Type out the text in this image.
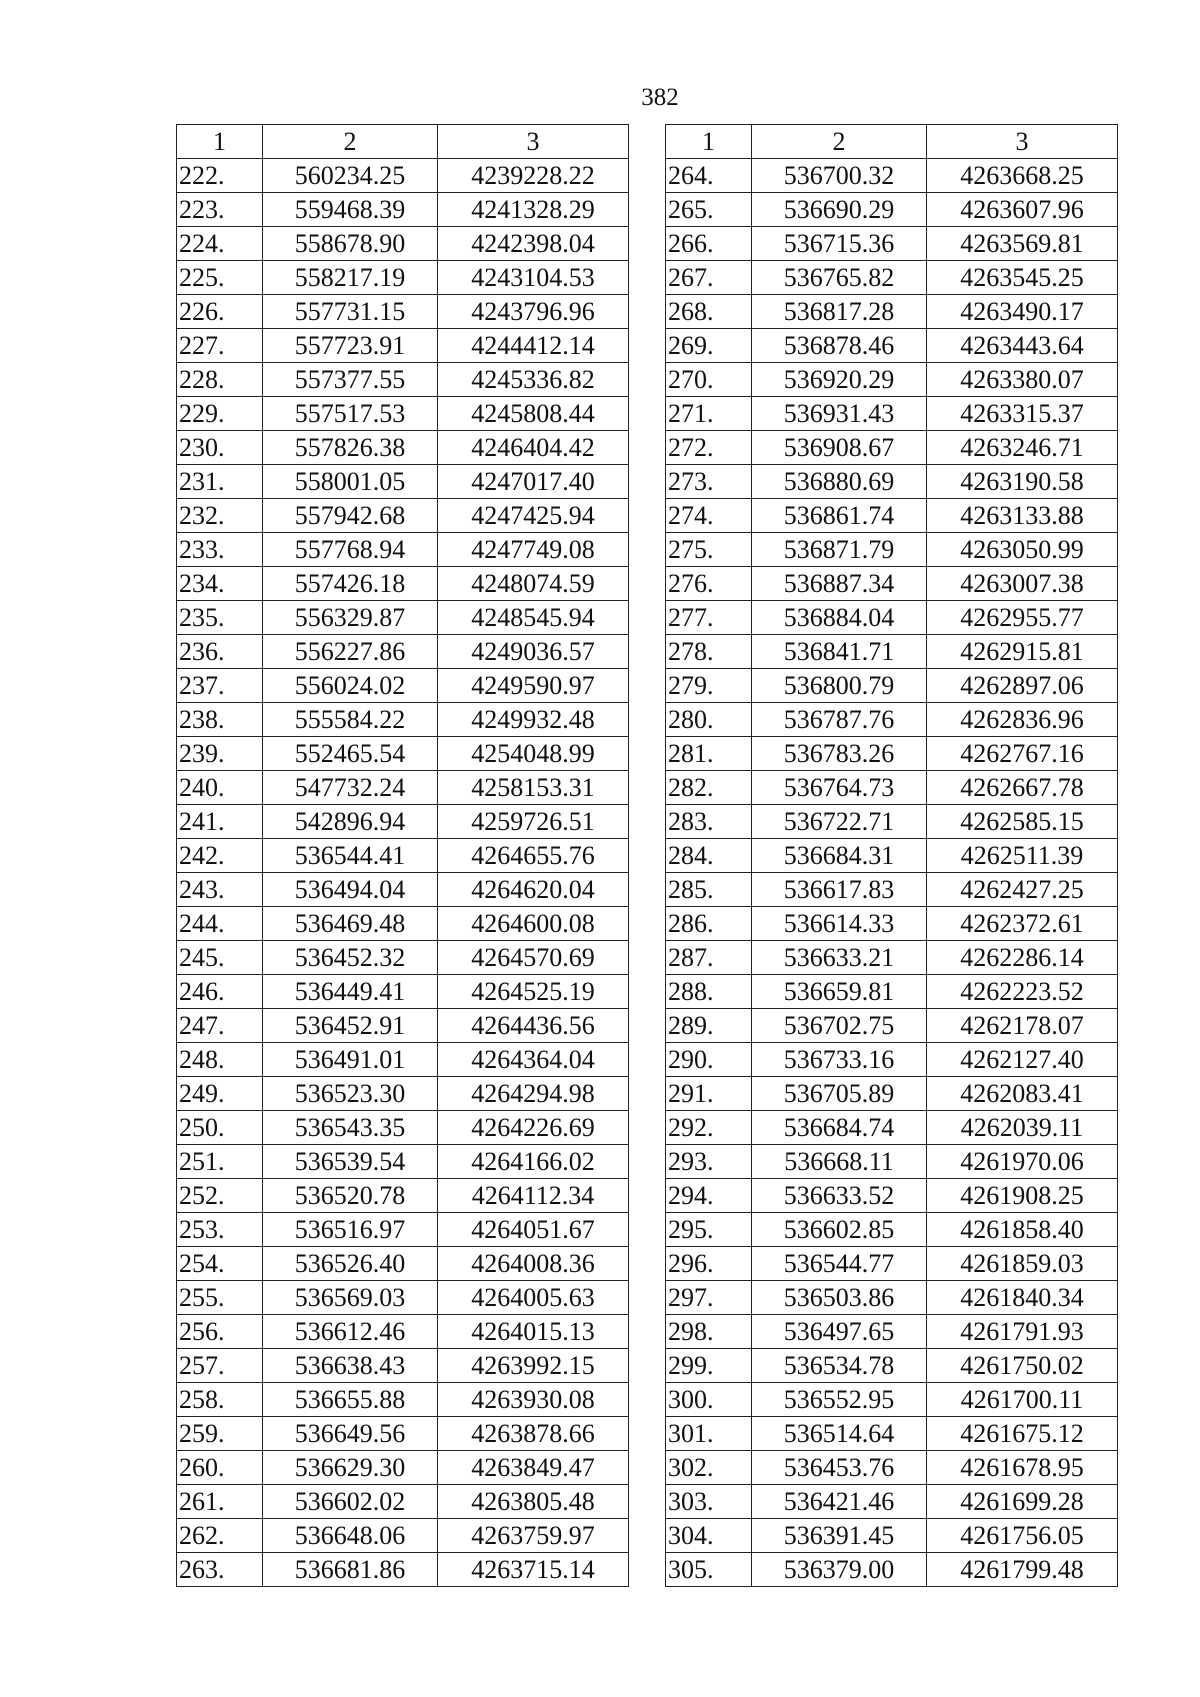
382
1	2	3
222.	560234.25	4239228.22
223.	559468.39	4241328.29
224.	558678.90	4242398.04
225.	558217.19	4243104.53
226.	557731.15	4243796.96
227.	557723.91	4244412.14
228.	557377.55	4245336.82
229.	557517.53	4245808.44
230.	557826.38	4246404.42
231.	558001.05	4247017.40
232.	557942.68	4247425.94
233.	557768.94	4247749.08
234.	557426.18	4248074.59
235.	556329.87	4248545.94
236.	556227.86	4249036.57
237.	556024.02	4249590.97
238.	555584.22	4249932.48
239.	552465.54	4254048.99
240.	547732.24	4258153.31
241.	542896.94	4259726.51
242.	536544.41	4264655.76
243.	536494.04	4264620.04
244.	536469.48	4264600.08
245.	536452.32	4264570.69
246.	536449.41	4264525.19
247.	536452.91	4264436.56
248.	536491.01	4264364.04
249.	536523.30	4264294.98
250.	536543.35	4264226.69
251.	536539.54	4264166.02
252.	536520.78	4264112.34
253.	536516.97	4264051.67
254.	536526.40	4264008.36
255.	536569.03	4264005.63
256.	536612.46	4264015.13
257.	536638.43	4263992.15
258.	536655.88	4263930.08
259.	536649.56	4263878.66
260.	536629.30	4263849.47
261.	536602.02	4263805.48
262.	536648.06	4263759.97
263.	536681.86	4263715.14
1	2	3
264.	536700.32	4263668.25
265.	536690.29	4263607.96
266.	536715.36	4263569.81
267.	536765.82	4263545.25
268.	536817.28	4263490.17
269.	536878.46	4263443.64
270.	536920.29	4263380.07
271.	536931.43	4263315.37
272.	536908.67	4263246.71
273.	536880.69	4263190.58
274.	536861.74	4263133.88
275.	536871.79	4263050.99
276.	536887.34	4263007.38
277.	536884.04	4262955.77
278.	536841.71	4262915.81
279.	536800.79	4262897.06
280.	536787.76	4262836.96
281.	536783.26	4262767.16
282.	536764.73	4262667.78
283.	536722.71	4262585.15
284.	536684.31	4262511.39
285.	536617.83	4262427.25
286.	536614.33	4262372.61
287.	536633.21	4262286.14
288.	536659.81	4262223.52
289.	536702.75	4262178.07
290.	536733.16	4262127.40
291.	536705.89	4262083.41
292.	536684.74	4262039.11
293.	536668.11	4261970.06
294.	536633.52	4261908.25
295.	536602.85	4261858.40
296.	536544.77	4261859.03
297.	536503.86	4261840.34
298.	536497.65	4261791.93
299.	536534.78	4261750.02
300.	536552.95	4261700.11
301.	536514.64	4261675.12
302.	536453.76	4261678.95
303.	536421.46	4261699.28
304.	536391.45	4261756.05
305.	536379.00	4261799.48
